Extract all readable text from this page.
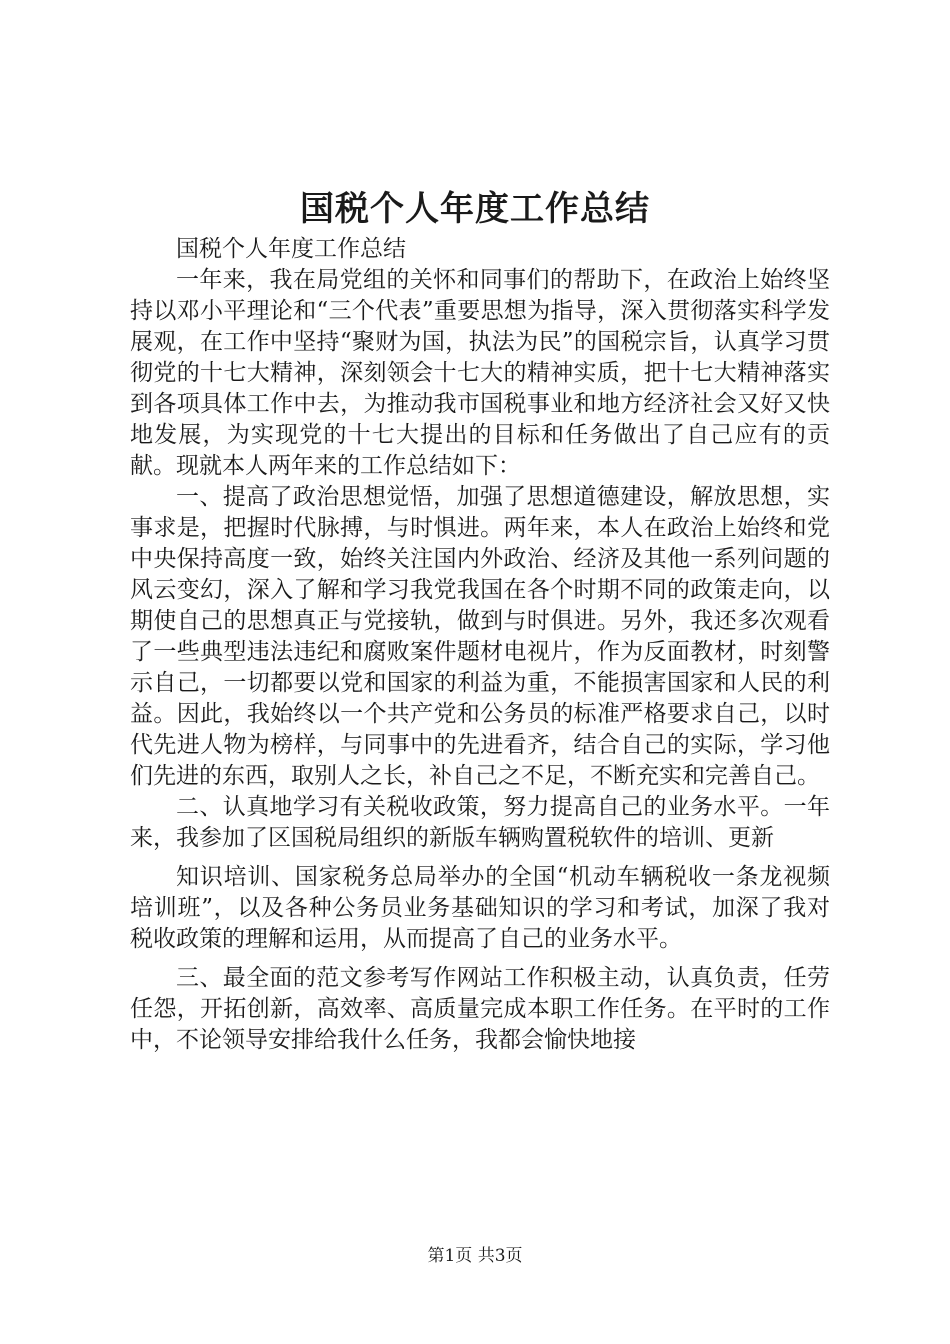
国税个人年度工作总结

国税个人年度工作总结

一年来，我在局党组的关怀和同事们的帮助下，在政治上始终坚持以邓小平理论和“三个代表”重要思想为指导，深入贯彻落实科学发展观，在工作中坚持“聚财为国，执法为民”的国税宗旨，认真学习贯彻党的十七大精神，深刻领会十七大的精神实质，把十七大精神落实到各项具体工作中去，为推动我市国税事业和地方经济社会又好又快地发展，为实现党的十七大提出的目标和任务做出了自己应有的贡献。现就本人两年来的工作总结如下：

一、提高了政治思想觉悟，加强了思想道德建设，解放思想，实事求是，把握时代脉搏，与时惧进。两年来，本人在政治上始终和党中央保持高度一致，始终关注国内外政治、经济及其他一系列问题的风云变幻，深入了解和学习我党我国在各个时期不同的政策走向，以期使自己的思想真正与党接轨，做到与时俱进。另外，我还多次观看了一些典型违法违纪和腐败案件题材电视片，作为反面教材，时刻警示自己，一切都要以党和国家的利益为重，不能损害国家和人民的利益。因此，我始终以一个共产党和公务员的标准严格要求自己，以时代先进人物为榜样，与同事中的先进看齐，结合自己的实际，学习他们先进的东西，取别人之长，补自己之不足，不断充实和完善自己。

二、认真地学习有关税收政策，努力提高自己的业务水平。一年来，我参加了区国税局组织的新版车辆购置税软件的培训、更新

知识培训、国家税务总局举办的全国“机动车辆税收一条龙视频培训班”，以及各种公务员业务基础知识的学习和考试，加深了我对税收政策的理解和运用，从而提高了自己的业务水平。

三、最全面的范文参考写作网站工作积极主动，认真负责，任劳任怨，开拓创新，高效率、高质量完成本职工作任务。在平时的工作中，不论领导安排给我什么任务，我都会愉快地接

第1页 共3页
